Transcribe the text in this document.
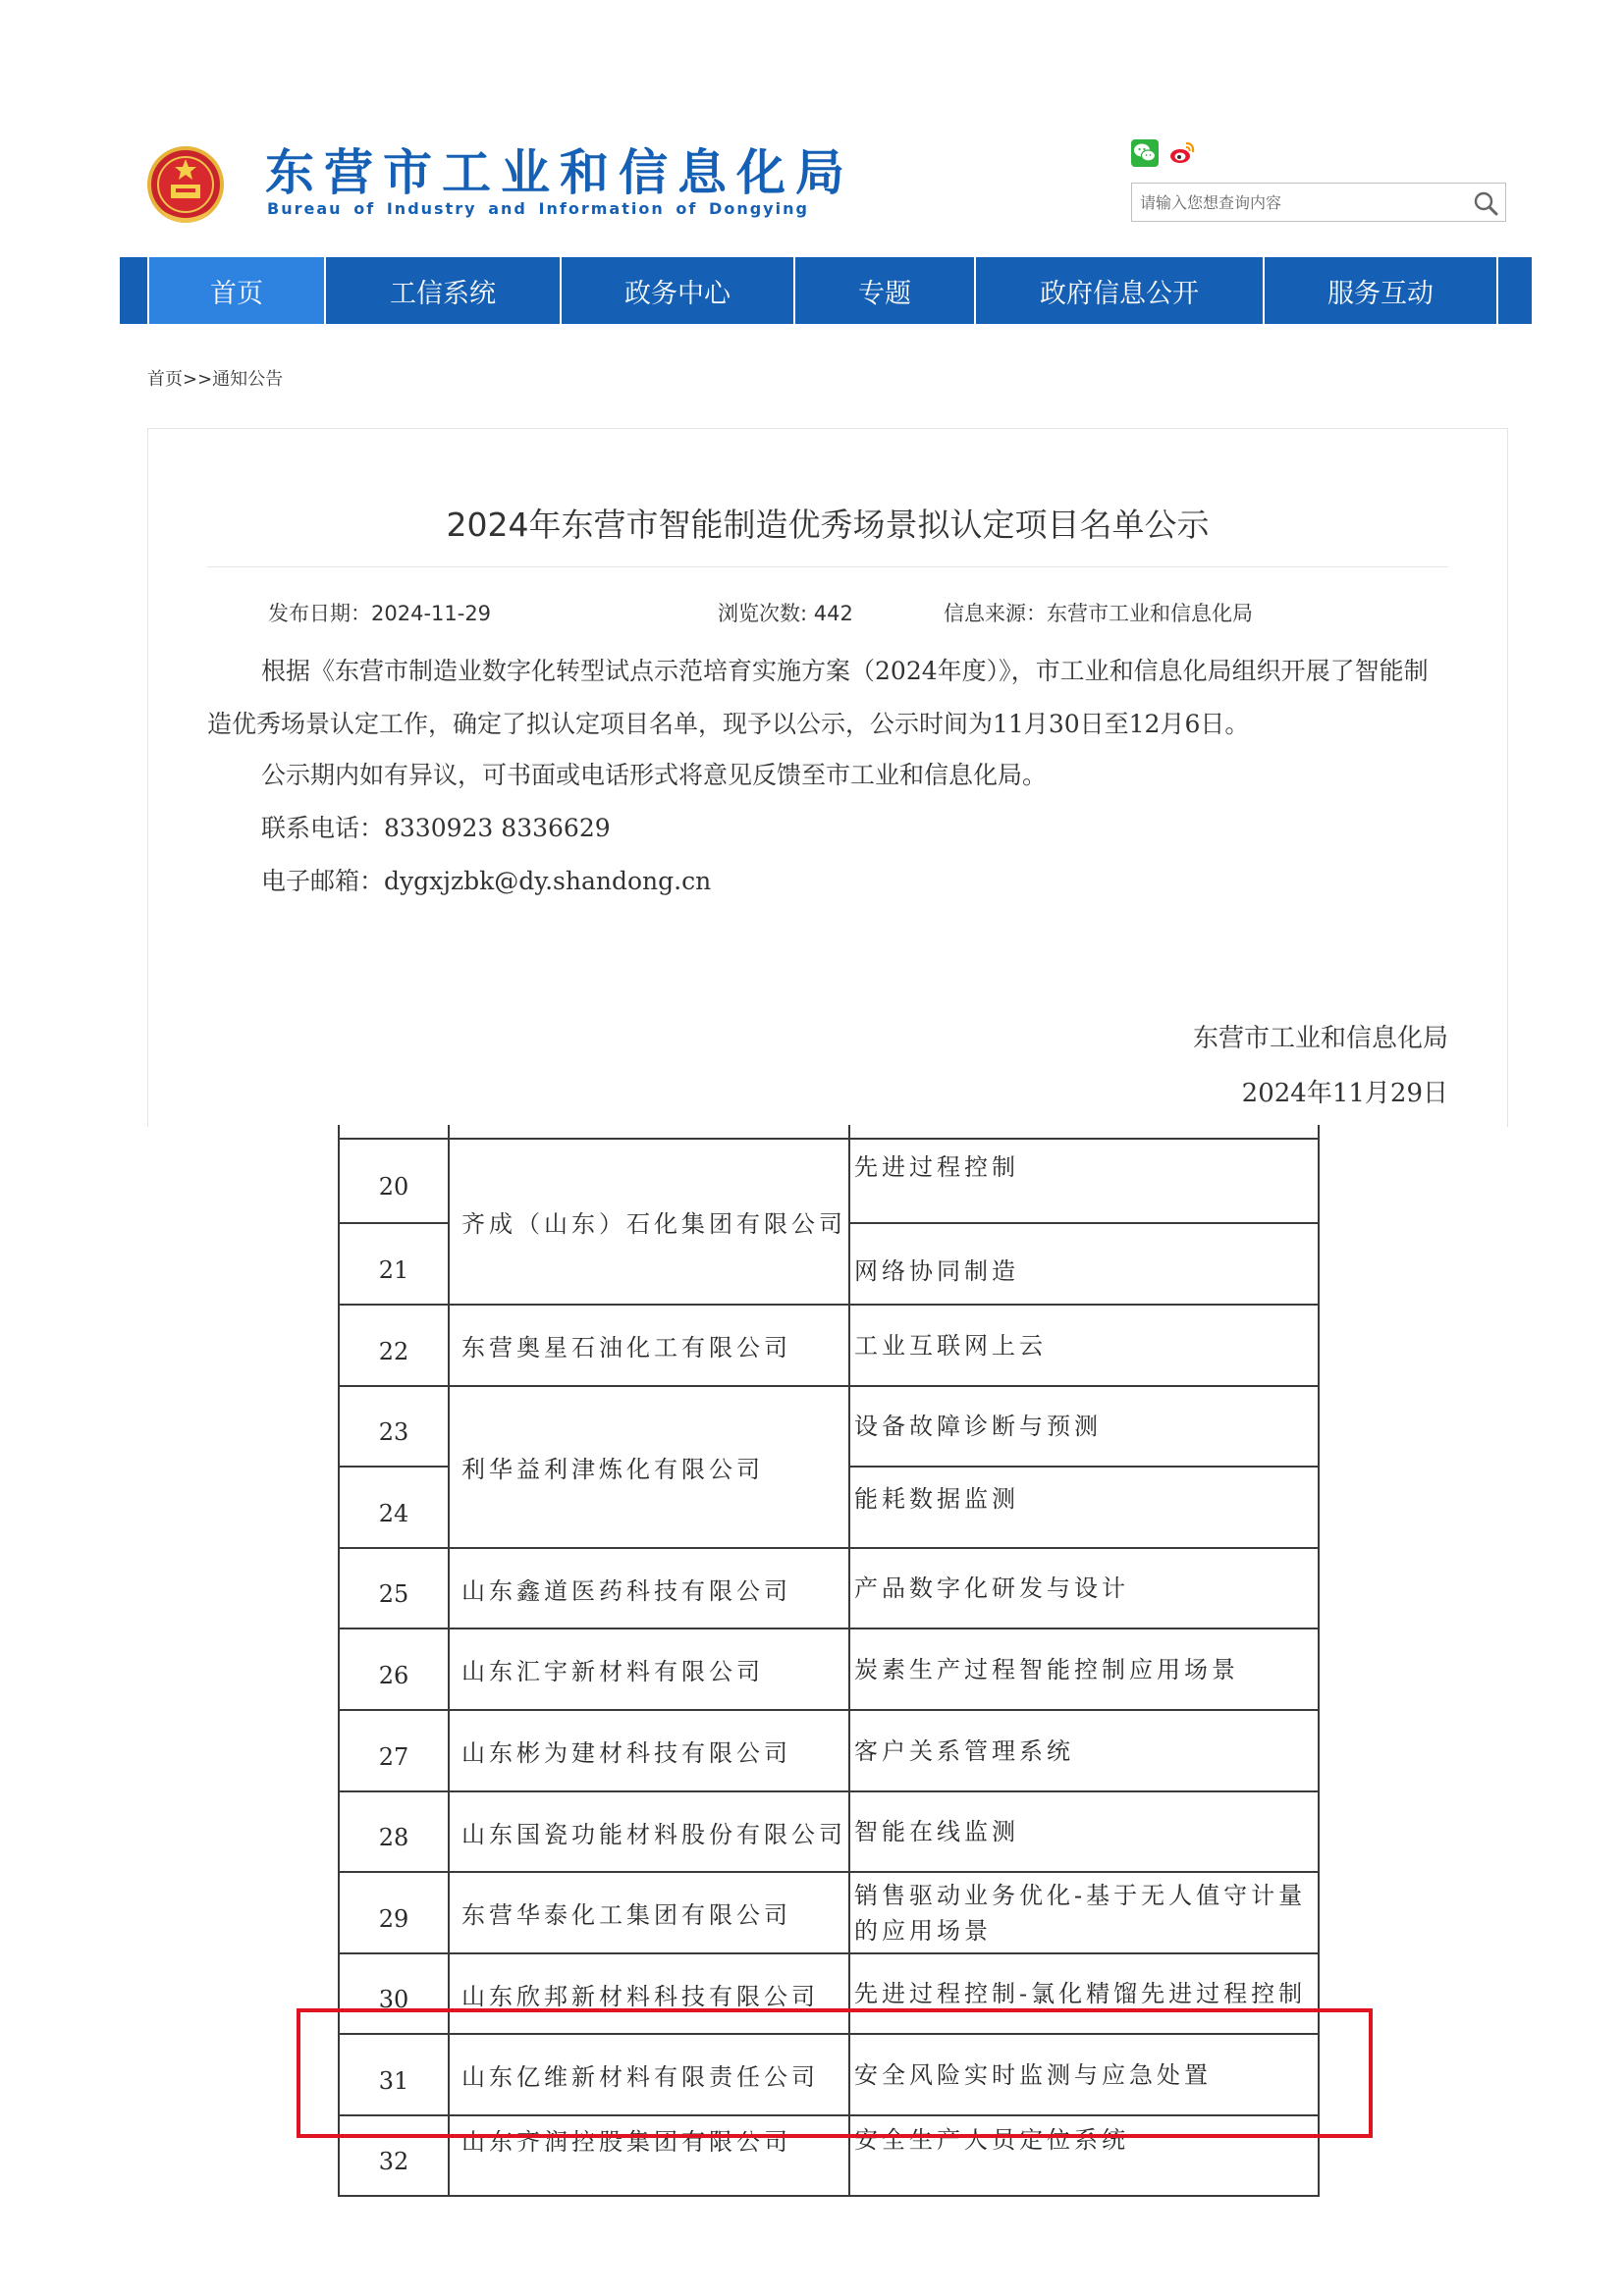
东营市工业和信息化局
Bureau of Industry and Information of Dongying
请输入您想查询内容
首页	工信系统	政务中心	专题	政府信息公开	服务互动
首页>>通知公告
2024年东营市智能制造优秀场景拟认定项目名单公示
发布日期：2024-11-29	浏览次数: 442	信息来源：东营市工业和信息化局
根据《东营市制造业数字化转型试点示范培育实施方案（2024年度）》，市工业和信息化局组织开展了智能制造优秀场景认定工作，确定了拟认定项目名单，现予以公示，公示时间为11月30日至12月6日。
公示期内如有异议，可书面或电话形式将意见反馈至市工业和信息化局。
联系电话：8330923 8336629
电子邮箱：dygxjzbk@dy.shandong.cn
东营市工业和信息化局
2024年11月29日

20	齐成（山东）石化集团有限公司	先进过程控制
21		网络协同制造
22	东营奥星石油化工有限公司	工业互联网上云
23	利华益利津炼化有限公司	设备故障诊断与预测
24		能耗数据监测
25	山东鑫道医药科技有限公司	产品数字化研发与设计
26	山东汇宇新材料有限公司	炭素生产过程智能控制应用场景
27	山东彬为建材科技有限公司	客户关系管理系统
28	山东国瓷功能材料股份有限公司	智能在线监测
29	东营华泰化工集团有限公司	销售驱动业务优化-基于无人值守计量的应用场景
30	山东欣邦新材料科技有限公司	先进过程控制-氯化精馏先进过程控制
31	山东亿维新材料有限责任公司	安全风险实时监测与应急处置
32	山东齐润控股集团有限公司	安全生产人员定位系统
